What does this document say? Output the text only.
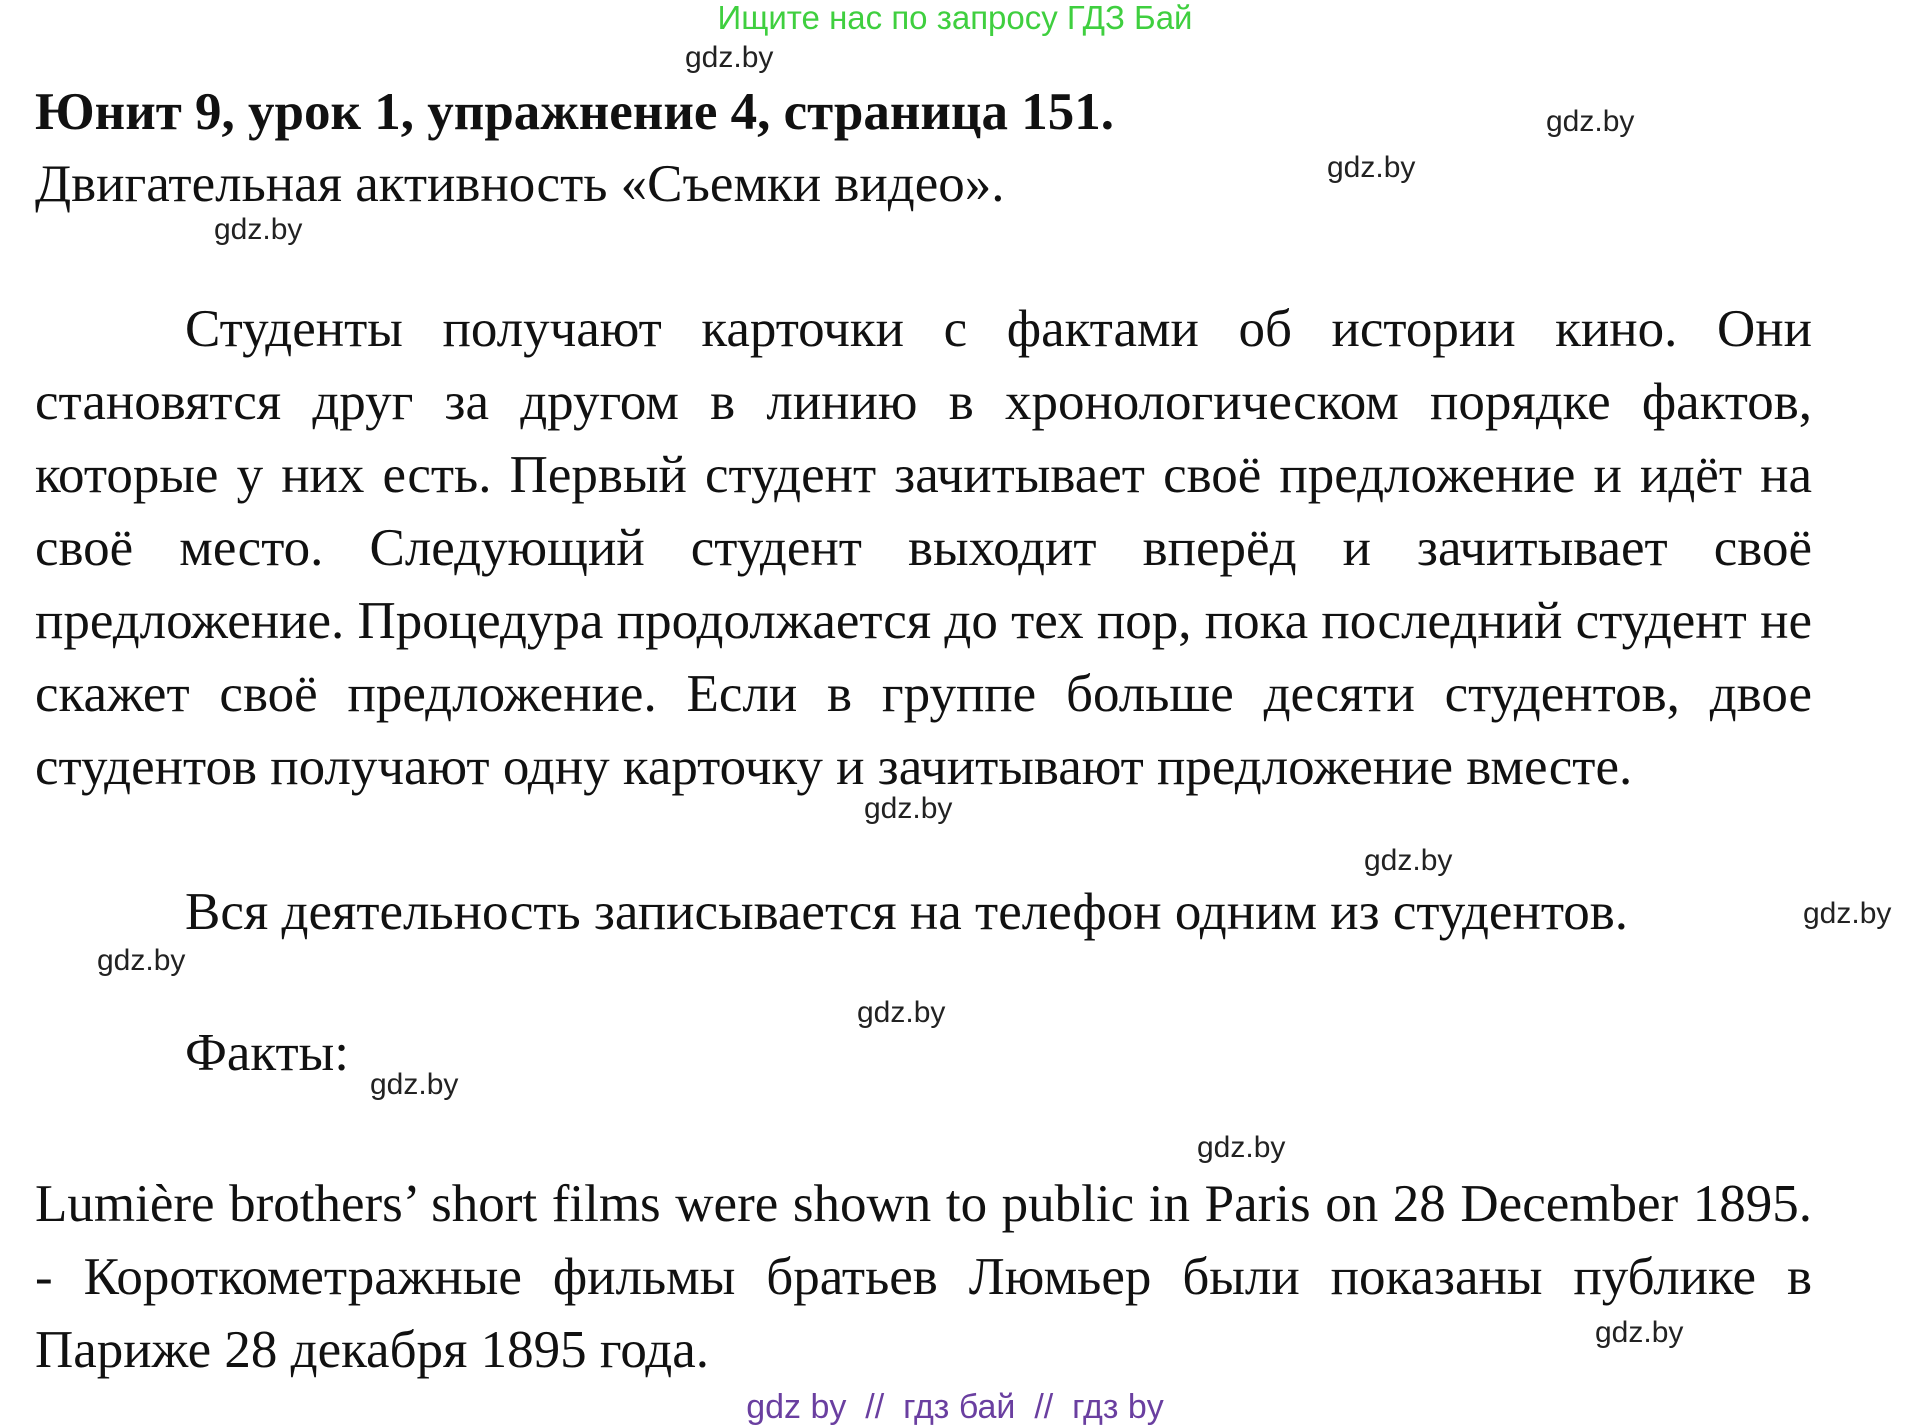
Ищите нас по запросу ГДЗ Бай
Юнит 9, урок 1, упражнение 4, страница 151.
Двигательная активность «Съемки видео».

Студенты получают карточки с фактами об истории кино. Они становятся друг за другом в линию в хронологическом порядке фактов, которые у них есть. Первый студент зачитывает своё предложение и идёт на своё место. Следующий студент выходит вперёд и зачитывает своё предложение. Процедура продолжается до тех пор, пока последний студент не скажет своё предложение. Если в группе больше десяти студентов, двое студентов получают одну карточку и зачитывают предложение вместе.

Вся деятельность записывается на телефон одним из студентов.

Факты:

Lumière brothers’ short films were shown to public in Paris on 28 December 1895. - Короткометражные фильмы братьев Люмьер были показаны публике в Париже 28 декабря 1895 года.

gdz.by
gdz.by
gdz.by
gdz.by
gdz.by
gdz.by
gdz.by
gdz.by
gdz.by
gdz.by
gdz.by
gdz.by
gdz by  //  гдз бай  //  гдз by
